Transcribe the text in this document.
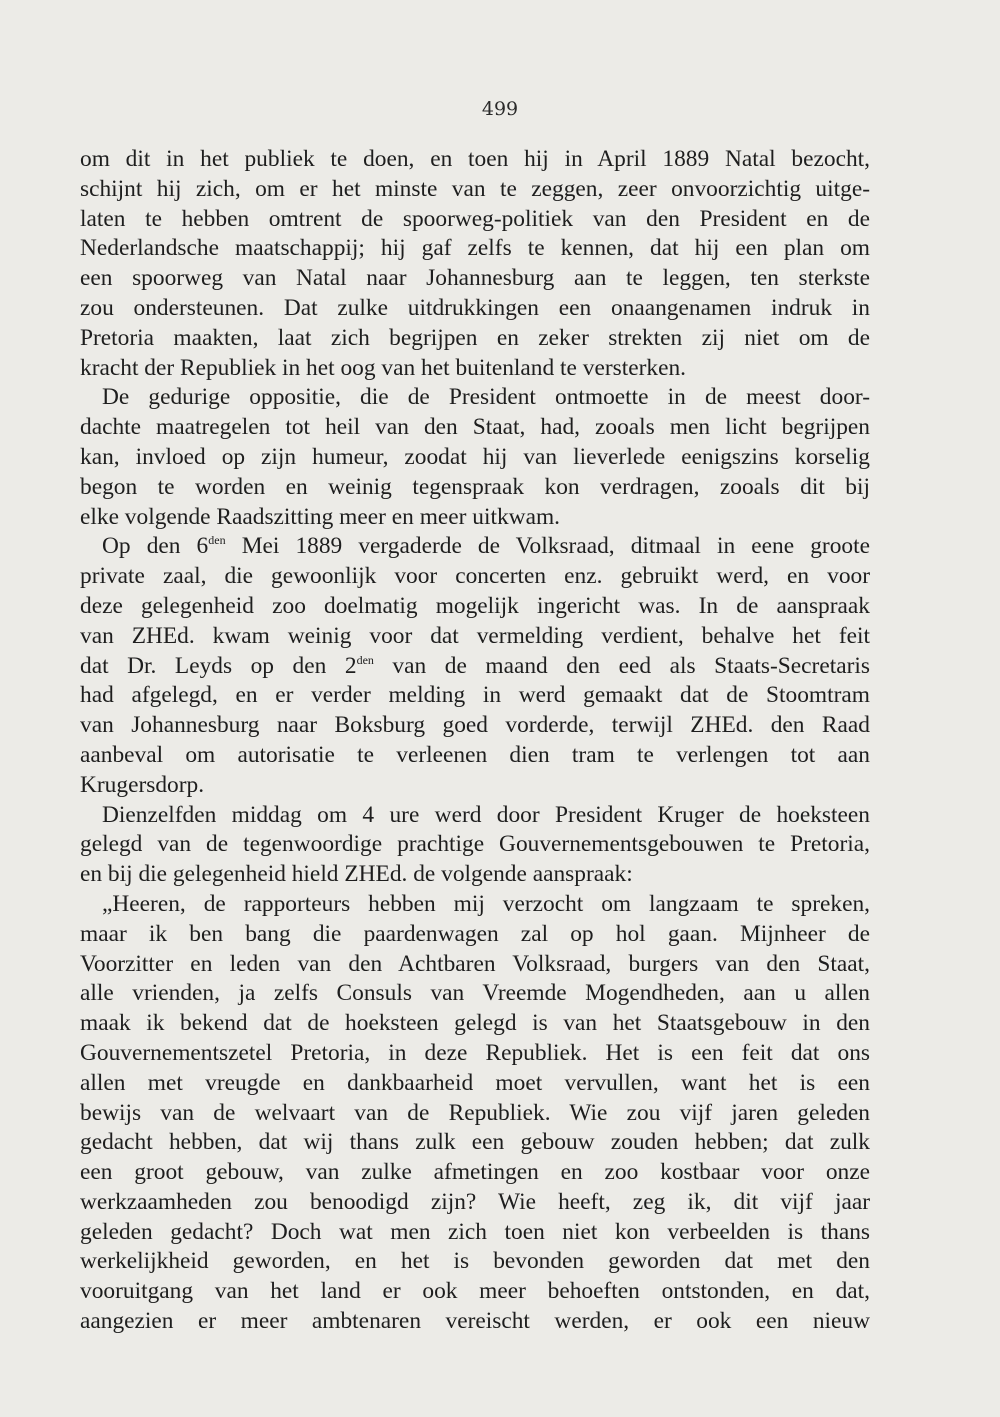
499
om dit in het publiek te doen, en toen hij in April 1889 Natal bezocht,
schijnt hij zich, om er het minste van te zeggen, zeer onvoorzichtig uitge-
laten te hebben omtrent de spoorweg-politiek van den President en de
Nederlandsche maatschappij; hij gaf zelfs te kennen, dat hij een plan om
een spoorweg van Natal naar Johannesburg aan te leggen, ten sterkste
zou ondersteunen. Dat zulke uitdrukkingen een onaangenamen indruk in
Pretoria maakten, laat zich begrijpen en zeker strekten zij niet om de
kracht der Republiek in het oog van het buitenland te versterken.
De gedurige oppositie, die de President ontmoette in de meest door-
dachte maatregelen tot heil van den Staat, had, zooals men licht begrijpen
kan, invloed op zijn humeur, zoodat hij van lieverlede eenigszins korselig
begon te worden en weinig tegenspraak kon verdragen, zooals dit bij
elke volgende Raadszitting meer en meer uitkwam.
Op den $6^{den}$ Mei 1889 vergaderde de Volksraad, ditmaal in eene groote
private zaal, die gewoonlijk voor concerten enz. gebruikt werd, en voor
deze gelegenheid zoo doelmatig mogelijk ingericht was. In de aanspraak
van ZHEd. kwam weinig voor dat vermelding verdient, behalve het feit
dat Dr. Leyds op den $2^{den}$ van de maand den eed als Staats-Secretaris
had afgelegd, en er verder melding in werd gemaakt dat de Stoomtram
van Johannesburg naar Boksburg goed vorderde, terwijl ZHEd. den Raad
aanbeval om autorisatie te verleenen dien tram te verlengen tot aan
Krugersdorp.
Dienzelfden middag om 4 ure werd door President Kruger de hoeksteen
gelegd van de tegenwoordige prachtige Gouvernementsgebouwen te Pretoria,
en bij die gelegenheid hield ZHEd. de volgende aanspraak:
„Heeren, de rapporteurs hebben mij verzocht om langzaam te spreken,
maar ik ben bang die paardenwagen zal op hol gaan. Mijnheer de
Voorzitter en leden van den Achtbaren Volksraad, burgers van den Staat,
alle vrienden, ja zelfs Consuls van Vreemde Mogendheden, aan u allen
maak ik bekend dat de hoeksteen gelegd is van het Staatsgebouw in den
Gouvernementszetel Pretoria, in deze Republiek. Het is een feit dat ons
allen met vreugde en dankbaarheid moet vervullen, want het is een
bewijs van de welvaart van de Republiek. Wie zou vijf jaren geleden
gedacht hebben, dat wij thans zulk een gebouw zouden hebben; dat zulk
een groot gebouw, van zulke afmetingen en zoo kostbaar voor onze
werkzaamheden zou benoodigd zijn? Wie heeft, zeg ik, dit vijf jaar
geleden gedacht? Doch wat men zich toen niet kon verbeelden is thans
werkelijkheid geworden, en het is bevonden geworden dat met den
vooruitgang van het land er ook meer behoeften ontstonden, en dat,
aangezien er meer ambtenaren vereischt werden, er ook een nieuw
